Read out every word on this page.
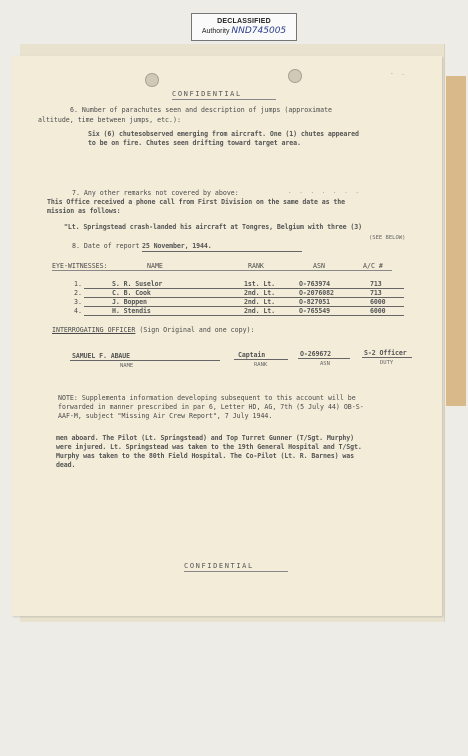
DECLASSIFIED
Authority NND745005
CONFIDENTIAL
- .
6. Number of parachutes seen and description of jumps (approximate
altitude, time between jumps, etc.):
Six (6) chutesobserved emerging from aircraft. One (1) chutes appeared
to be on fire. Chutes seen drifting toward target area.
7. Any other remarks not covered by above:	. . . . . . .
This Office received a phone call from First Division on the same date as the
mission as follows:
"Lt. Springstead crash-landed his aircraft at Tongres, Belgium with three (3)
(SEE BELOW)
8. Date of report 25 November, 1944.
EYE-WITNESSES:	NAME	RANK	ASN	A/C #
1.	S. R. Suselor	1st. Lt.	O-763974	713
2.	C. B. Cook	2nd. Lt.	O-2076082	713
3.	J. Boppen	2nd. Lt.	O-827051	6000
4.	H. Stendis	2nd. Lt.	O-765549	6000
INTERROGATING OFFICER (Sign Original and one copy):
SAMUEL F. ABAUE	Captain	O-269672	S-2 Officer
NAME	RANK	ASN	DUTY
NOTE: Supplementa information developing subsequent to this account will be
forwarded in manner prescribed in par 6, Letter HD, AG, 7th (5 July 44) OB-S-
AAF-M, subject "Missing Air Crew Report", 7 July 1944.
men aboard. The Pilot (Lt. Springstead) and Top Turret Gunner (T/Sgt. Murphy)
were injured. Lt. Springstead was taken to the 19th General Hospital and T/Sgt.
Murphy was taken to the 80th Field Hospital. The Co-Pilot (Lt. R. Barnes) was
dead.
CONFIDENTIAL
